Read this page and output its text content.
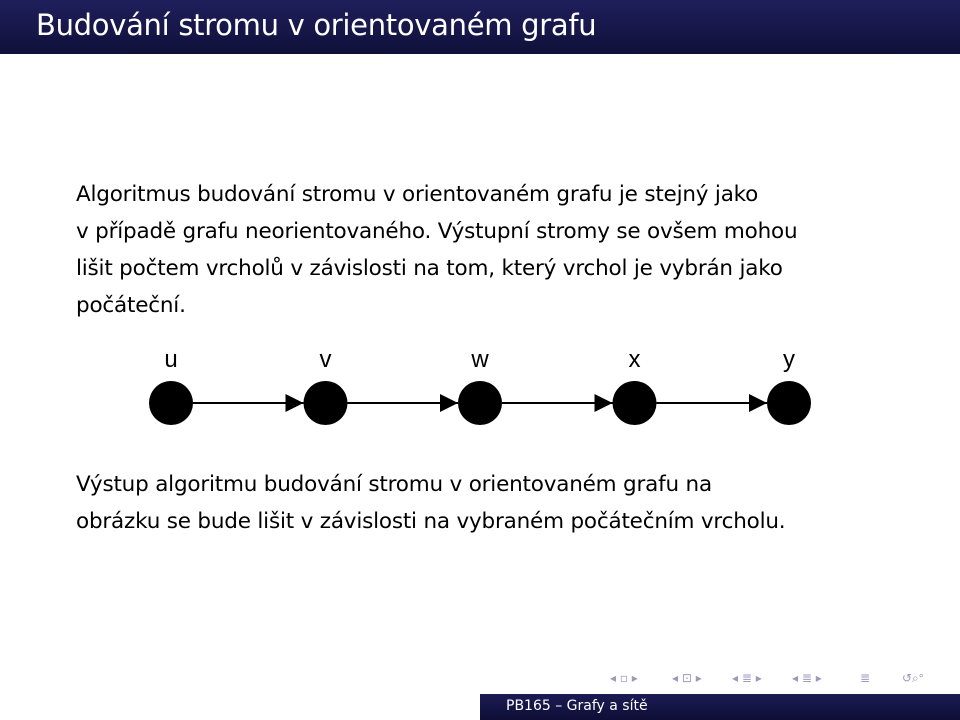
Budování stromu v orientovaném grafu
Algoritmus budování stromu v orientovaném grafu je stejný jako
v případě grafu neorientovaného. Výstupní stromy se ovšem mohou
lišit počtem vrcholů v závislosti na tom, který vrchol je vybrán jako
počáteční.
u	v	w	x	y
Výstup algoritmu budování stromu v orientovaném grafu na
obrázku se bude lišit v závislosti na vybraném počátečním vrcholu.
◂ ▫ ▸	◂ ⊡ ▸	◂ ≣ ▸	◂ ≣ ▸	≣	↺⌕ᐤ
PB165 – Grafy a sítě
